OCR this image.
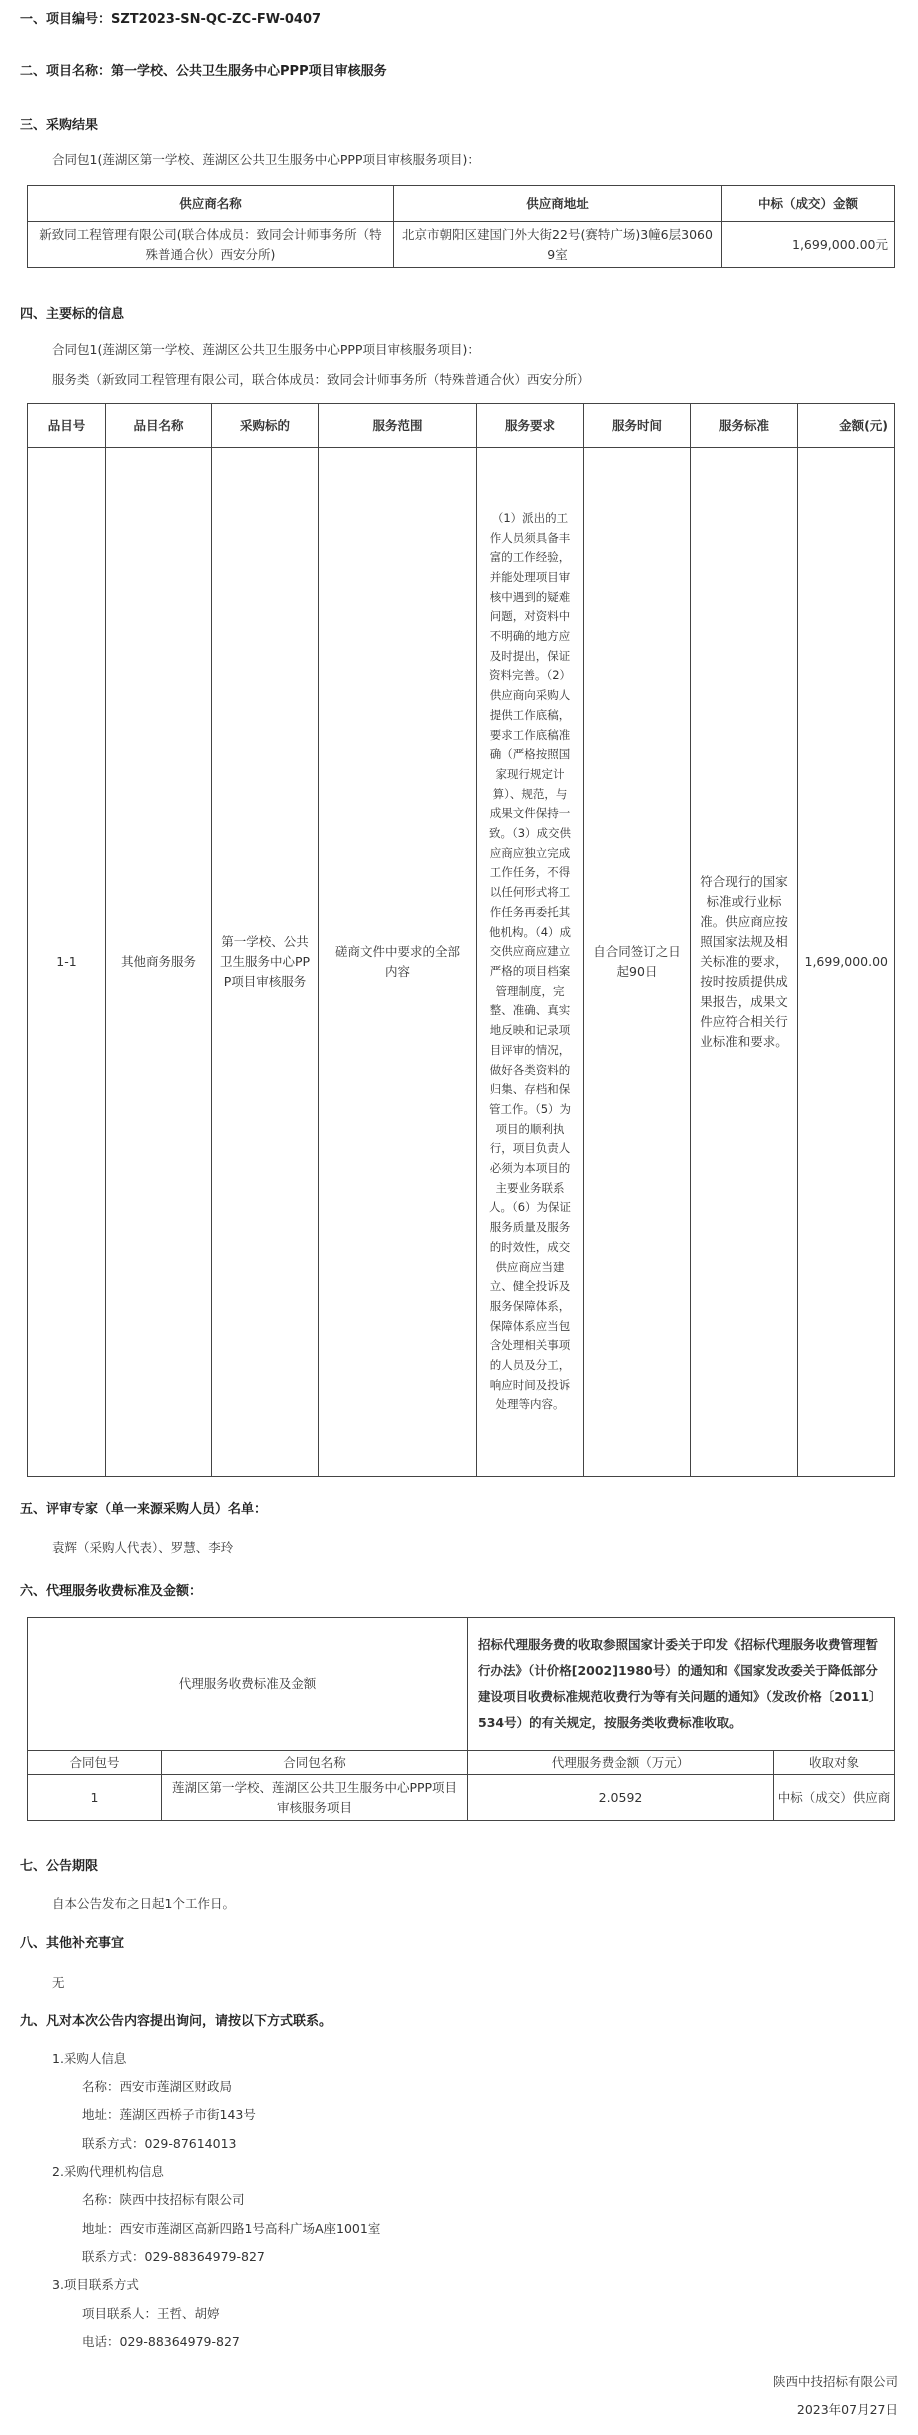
一、项目编号：SZT2023-SN-QC-ZC-FW-0407
二、项目名称：第一学校、公共卫生服务中心PPP项目审核服务
三、采购结果
合同包1(莲湖区第一学校、莲湖区公共卫生服务中心PPP项目审核服务项目)：
供应商名称	供应商地址	中标（成交）金额
新致同工程管理有限公司(联合体成员：致同会计师事务所（特殊普通合伙）西安分所)	北京市朝阳区建国门外大街22号(赛特广场)3幢6层30609室	1,699,000.00元
四、主要标的信息
合同包1(莲湖区第一学校、莲湖区公共卫生服务中心PPP项目审核服务项目)：
服务类（新致同工程管理有限公司，联合体成员：致同会计师事务所（特殊普通合伙）西安分所）
品目号	品目名称	采购标的	服务范围	服务要求	服务时间	服务标准	金额(元)
1-1	其他商务服务	第一学校、公共卫生服务中心PPP项目审核服务	磋商文件中要求的全部内容	（1）派出的工作人员须具备丰富的工作经验，并能处理项目审核中遇到的疑难问题，对资料中不明确的地方应及时提出，保证资料完善。（2）供应商向采购人提供工作底稿，要求工作底稿准确（严格按照国家现行规定计算）、规范，与成果文件保持一致。（3）成交供应商应独立完成工作任务，不得以任何形式将工作任务再委托其他机构。（4）成交供应商应建立严格的项目档案管理制度，完整、准确、真实地反映和记录项目评审的情况，做好各类资料的归集、存档和保管工作。（5）为项目的顺利执行，项目负责人必须为本项目的主要业务联系人。（6）为保证服务质量及服务的时效性，成交供应商应当建立、健全投诉及服务保障体系，保障体系应当包含处理相关事项的人员及分工，响应时间及投诉处理等内容。	自合同签订之日起90日	符合现行的国家标准或行业标准。供应商应按照国家法规及相关标准的要求，按时按质提供成果报告，成果文件应符合相关行业标准和要求。	1,699,000.00
五、评审专家（单一来源采购人员）名单：
袁辉（采购人代表）、罗慧、李玲
六、代理服务收费标准及金额：
代理服务收费标准及金额		招标代理服务费的收取参照国家计委关于印发《招标代理服务收费管理暂行办法》（计价格[2002]1980号）的通知和《国家发改委关于降低部分建设项目收费标准规范收费行为等有关问题的通知》（发改价格〔2011〕534号）的有关规定，按服务类收费标准收取。	
合同包号	合同包名称	代理服务费金额（万元）	收取对象
1	莲湖区第一学校、莲湖区公共卫生服务中心PPP项目审核服务项目	2.0592	中标（成交）供应商
七、公告期限
自本公告发布之日起1个工作日。
八、其他补充事宜
无
九、凡对本次公告内容提出询问，请按以下方式联系。
1.采购人信息
名称：西安市莲湖区财政局
地址：莲湖区西桥子市街143号
联系方式：029-87614013
2.采购代理机构信息
名称：陕西中技招标有限公司
地址：西安市莲湖区高新四路1号高科广场A座1001室
联系方式：029-88364979-827
3.项目联系方式
项目联系人：王哲、胡婷
电话：029-88364979-827
陕西中技招标有限公司
2023年07月27日
